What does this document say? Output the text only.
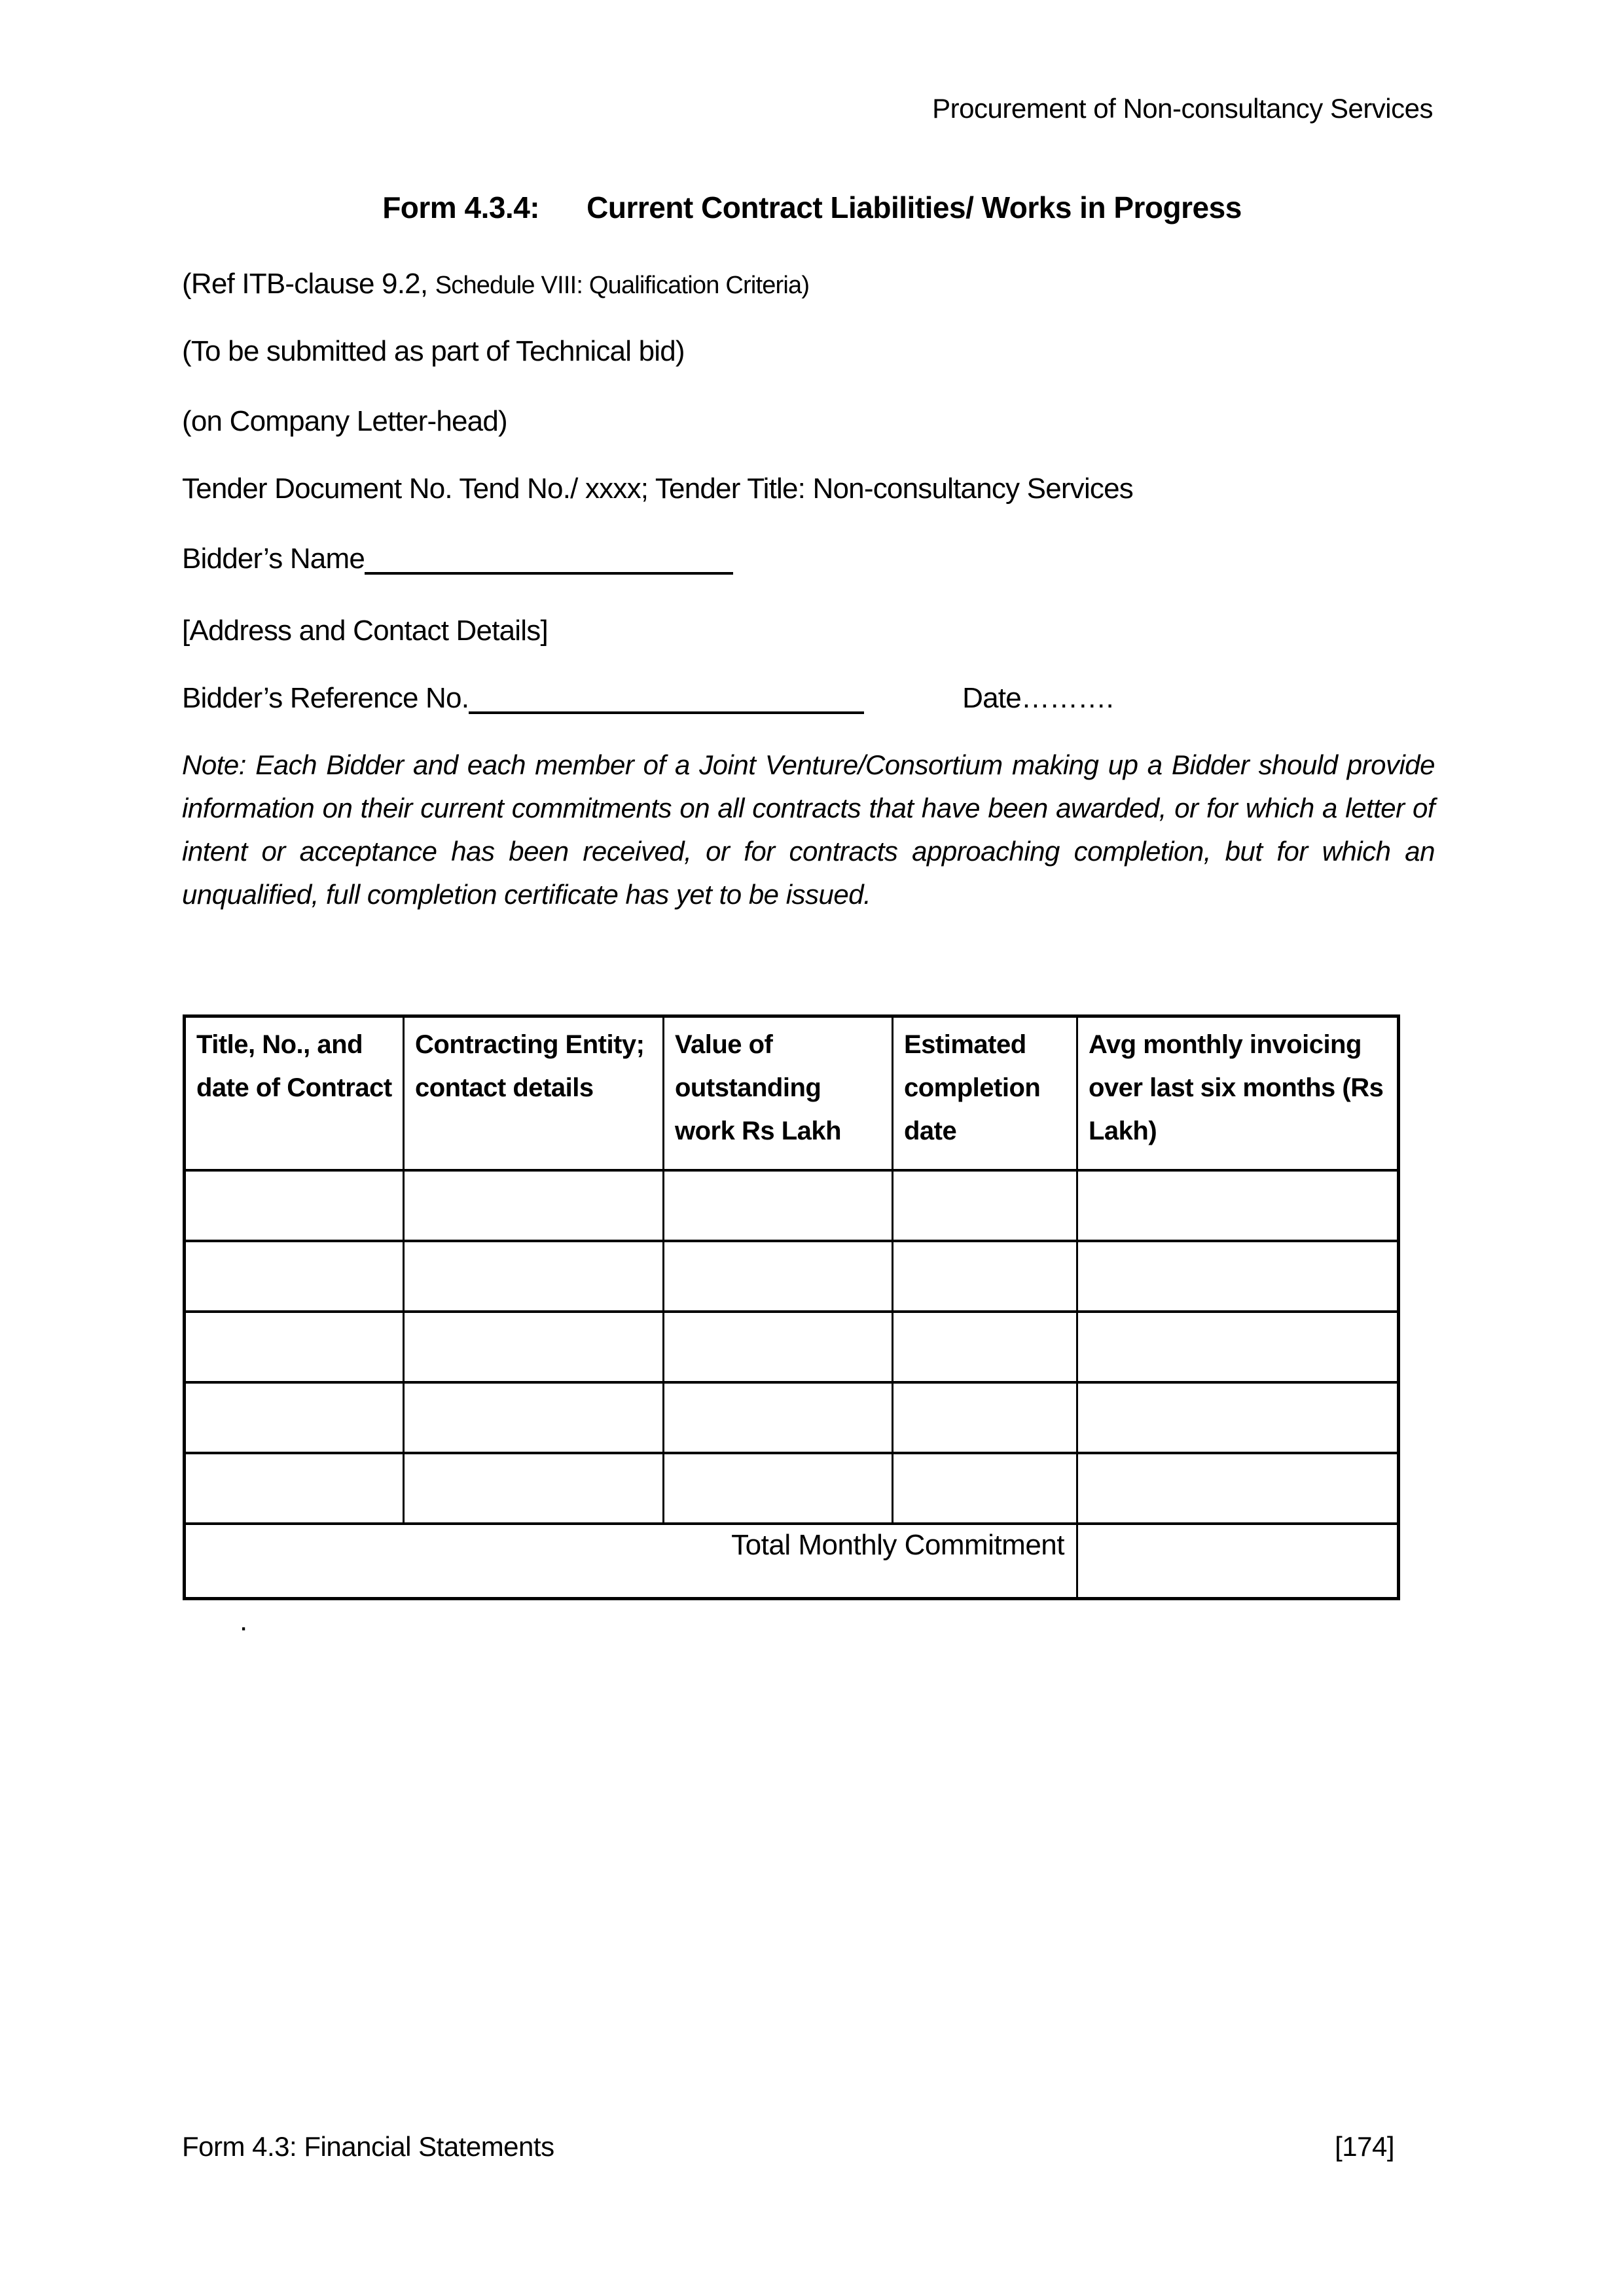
Procurement of Non-consultancy Services
Form 4.3.4: Current Contract Liabilities/ Works in Progress
(Ref ITB-clause 9.2, Schedule VIII: Qualification Criteria)
(To be submitted as part of Technical bid)
(on Company Letter-head)
Tender Document No. Tend No./ xxxx; Tender Title: Non-consultancy Services
Bidder’s Name
[Address and Contact Details]
Bidder’s Reference No.	Date……….
Note: Each Bidder and each member of a Joint Venture/Consortium making up a Bidder should provide information on their current commitments on all contracts that have been awarded, or for which a letter of intent or acceptance has been received, or for contracts approaching completion, but for which an unqualified, full completion certificate has yet to be issued.
Title, No., and date of Contract	Contracting Entity; contact details	Value of outstanding work Rs Lakh	Estimated completion date	Avg monthly invoicing over last six months (Rs Lakh)

Total Monthly Commitment				
.
Form 4.3: Financial Statements	[174]
